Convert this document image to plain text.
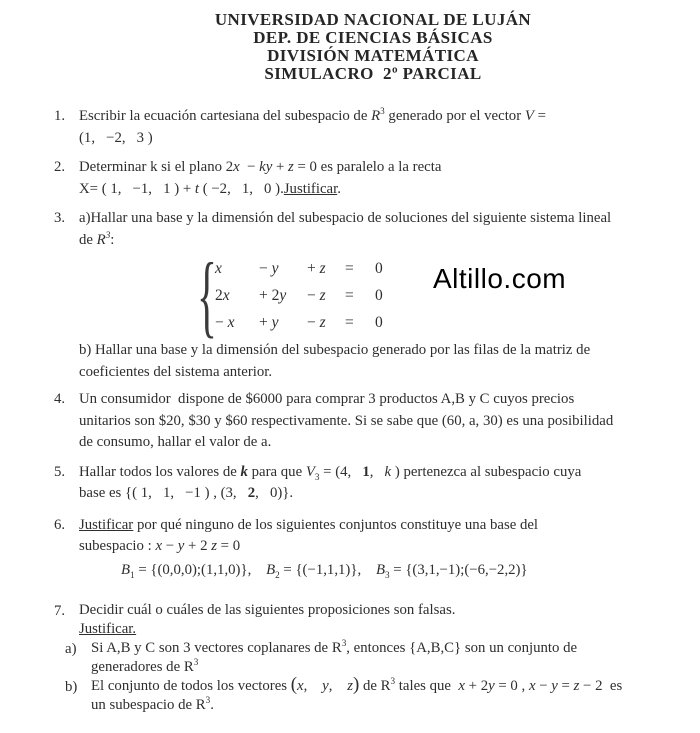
UNIVERSIDAD NACIONAL DE LUJÁN
DEP. DE CIENCIAS BÁSICAS
DIVISIÓN MATEMÁTICA
SIMULACRO  2º PARCIAL
Altillo.com
1. Escribir la ecuación cartesiana del subespacio de $R^3$ generado por el vector V =
(1,   −2,   3 )
2. Determinar k si el plano 2x  − ky + z = 0 es paralelo a la recta
X= ( 1,   −1,   1 ) + t ( −2,   1,   0 ).Justificar.
3. a)Hallar una base y la dimensión del subespacio de soluciones del siguiente sistema lineal
de $R^3$:
{
x	− y	+ z	=	0
2x	+ 2y	− z	=	0
− x	+ y	− z	=	0
b) Hallar una base y la dimensión del subespacio generado por las filas de la matriz de
coeficientes del sistema anterior.
4. Un consumidor  dispone de $6000 para comprar 3 productos A,B y C cuyos precios
unitarios son $20, $30 y $60 respectivamente. Si se sabe que (60, a, 30) es una posibilidad
de consumo, hallar el valor de a.
5. Hallar todos los valores de k para que $V_3 = (4$,   1,   k ) pertenezca al subespacio cuya
base es {( 1,   1,   −1 ) , (3,   2,   0)}.
6. Justificar por qué ninguno de los siguientes conjuntos constituye una base del
subespacio : x − y + 2 z = 0
$B_1$ = {(0,0,0);(1,1,0)},    $B_2 = \{(-1,1,1)\}$,    $B_3$ = {(3,1,−1);(−6,−2,2)}
7. Decidir cuál o cuáles de las siguientes proposiciones son falsas.
Justificar.
a) Si A,B y C son 3 vectores coplanares de $R^3$, entonces {A,B,C} son un conjunto de
generadores de $R^3$
b) El conjunto de todos los vectores (x,    y,    z) de $R^3$ tales que  x + 2y = 0 , x − y = z − 2  es
un subespacio de $R^3$.
